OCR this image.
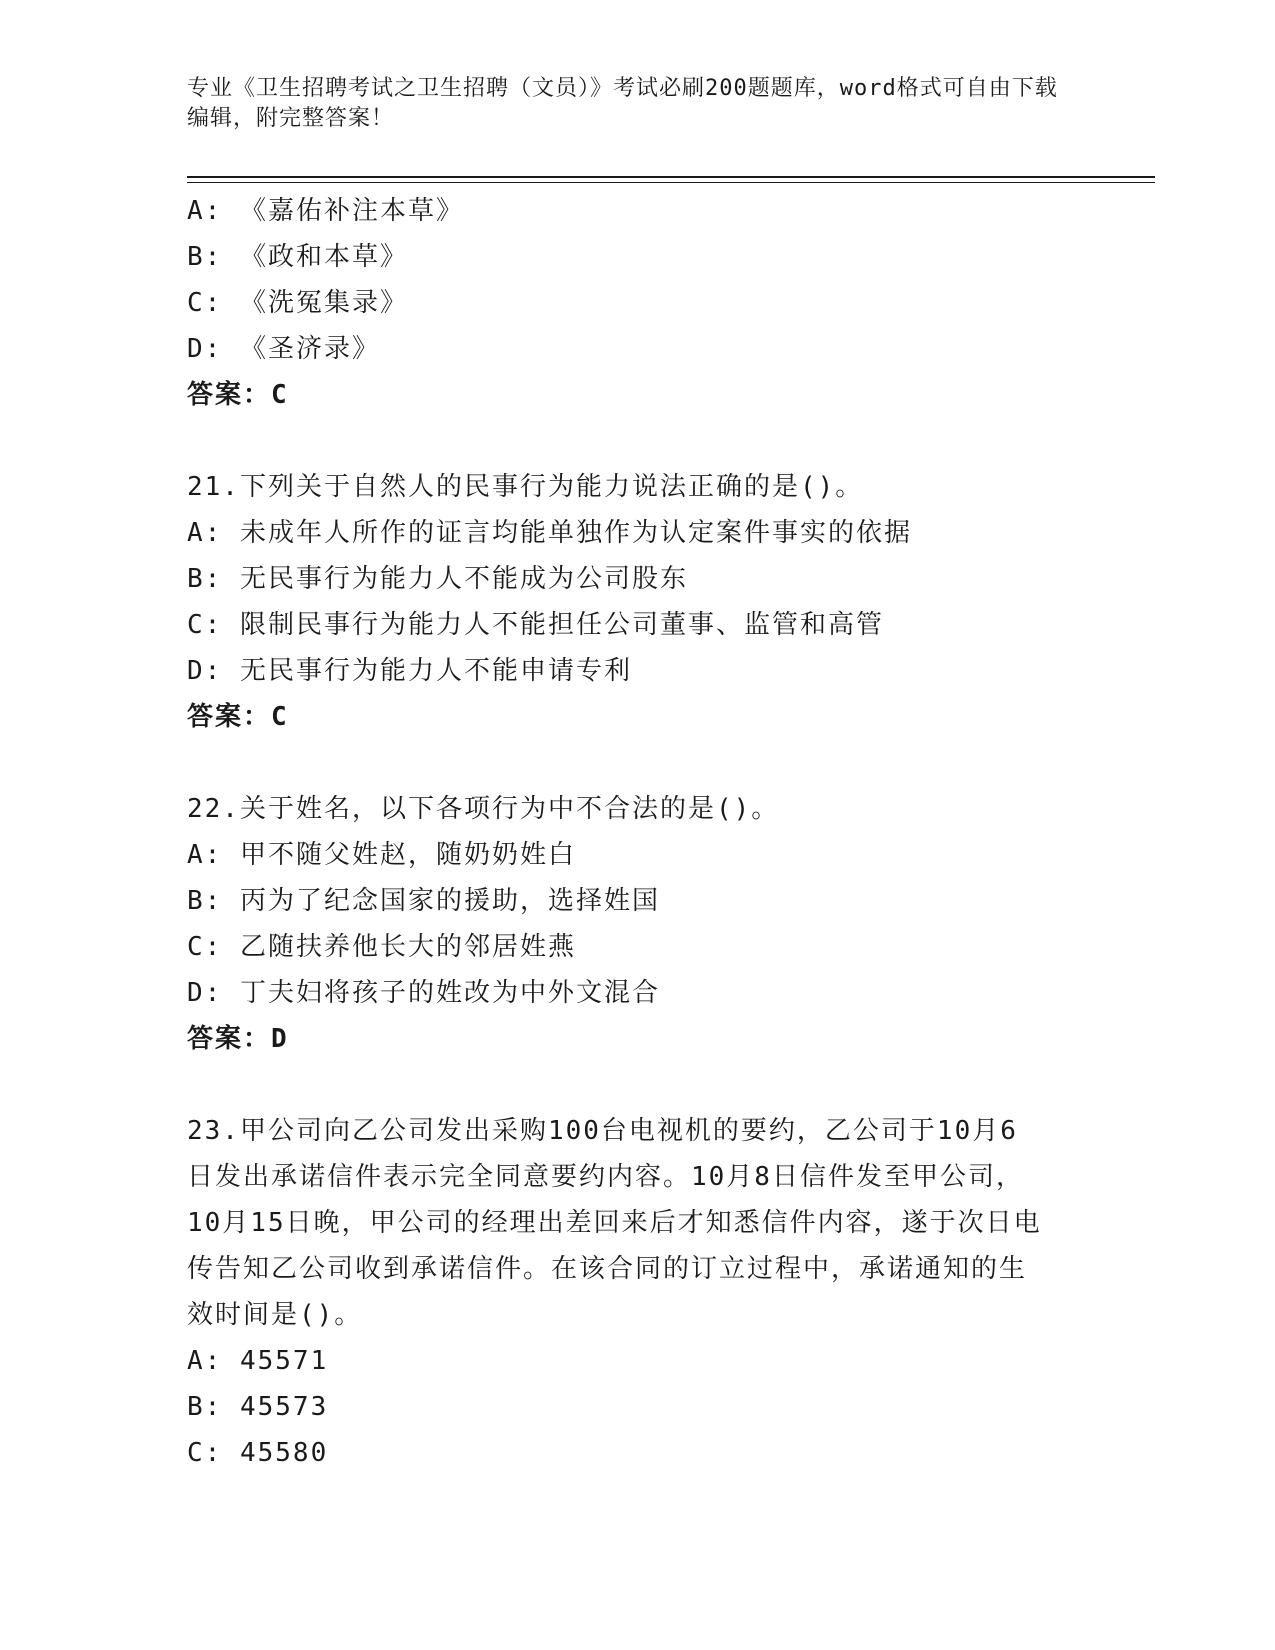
专业《卫生招聘考试之卫生招聘（文员）》考试必刷200题题库，word格式可自由下载编辑，附完整答案！
A: 《嘉佑补注本草》
B: 《政和本草》
C: 《洗冤集录》
D: 《圣济录》
答案：C
21.下列关于自然人的民事行为能力说法正确的是()。
A: 未成年人所作的证言均能单独作为认定案件事实的依据
B: 无民事行为能力人不能成为公司股东
C: 限制民事行为能力人不能担任公司董事、监管和高管
D: 无民事行为能力人不能申请专利
答案：C
22.关于姓名，以下各项行为中不合法的是()。
A: 甲不随父姓赵，随奶奶姓白
B: 丙为了纪念国家的援助，选择姓国
C: 乙随扶养他长大的邻居姓燕
D: 丁夫妇将孩子的姓改为中外文混合
答案：D
23.甲公司向乙公司发出采购100台电视机的要约，乙公司于10月6
日发出承诺信件表示完全同意要约内容。10月8日信件发至甲公司，
10月15日晚，甲公司的经理出差回来后才知悉信件内容，遂于次日电
传告知乙公司收到承诺信件。在该合同的订立过程中，承诺通知的生
效时间是()。
A: 45571
B: 45573
C: 45580
